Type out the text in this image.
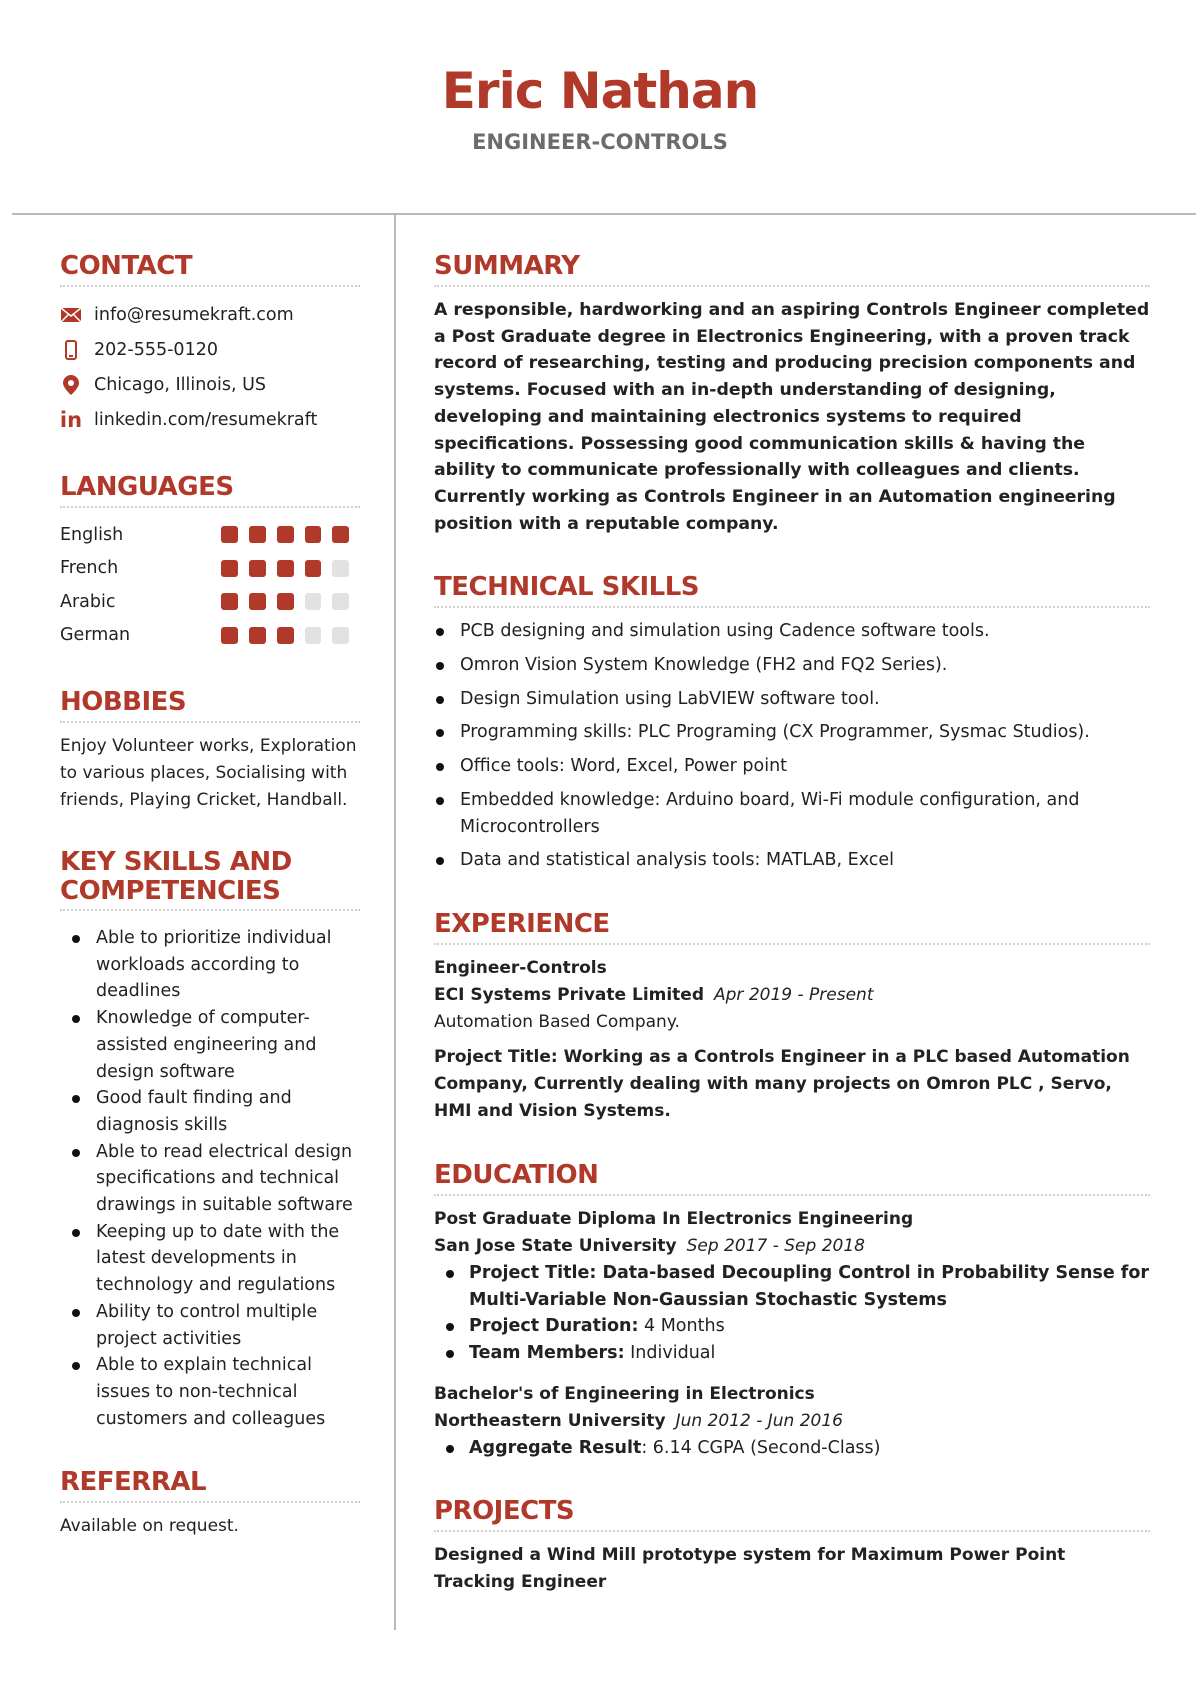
Eric Nathan
ENGINEER-CONTROLS
CONTACT
info@resumekraft.com
202-555-0120
Chicago, Illinois, US
in linkedin.com/resumekraft
LANGUAGES
English
French
Arabic
German
HOBBIES
Enjoy Volunteer works, Exploration to various places, Socialising with friends, Playing Cricket, Handball.
KEY SKILLS AND COMPETENCIES
Able to prioritize individual workloads according to deadlines
Knowledge of computer-assisted engineering and design software
Good fault finding and diagnosis skills
Able to read electrical design specifications and technical drawings in suitable software
Keeping up to date with the latest developments in technology and regulations
Ability to control multiple project activities
Able to explain technical issues to non-technical customers and colleagues
REFERRAL
Available on request.
SUMMARY
A responsible, hardworking and an aspiring Controls Engineer completed a Post Graduate degree in Electronics Engineering, with a proven track record of researching, testing and producing precision components and systems. Focused with an in-depth understanding of designing, developing and maintaining electronics systems to required specifications. Possessing good communication skills & having the ability to communicate professionally with colleagues and clients. Currently working as Controls Engineer in an Automation engineering position with a reputable company.
TECHNICAL SKILLS
PCB designing and simulation using Cadence software tools.
Omron Vision System Knowledge (FH2 and FQ2 Series).
Design Simulation using LabVIEW software tool.
Programming skills: PLC Programing (CX Programmer, Sysmac Studios).
Office tools: Word, Excel, Power point
Embedded knowledge: Arduino board, Wi-Fi module configuration, and Microcontrollers
Data and statistical analysis tools: MATLAB, Excel
EXPERIENCE
Engineer-Controls
ECI Systems Private Limited Apr 2019 - Present
Automation Based Company.
Project Title: Working as a Controls Engineer in a PLC based Automation Company, Currently dealing with many projects on Omron PLC , Servo, HMI and Vision Systems.
EDUCATION
Post Graduate Diploma In Electronics Engineering
San Jose State University Sep 2017 - Sep 2018
Project Title: Data-based Decoupling Control in Probability Sense for Multi-Variable Non-Gaussian Stochastic Systems
Project Duration: 4 Months
Team Members: Individual
Bachelor's of Engineering in Electronics
Northeastern University Jun 2012 - Jun 2016
Aggregate Result: 6.14 CGPA (Second-Class)
PROJECTS
Designed a Wind Mill prototype system for Maximum Power Point Tracking Engineer
